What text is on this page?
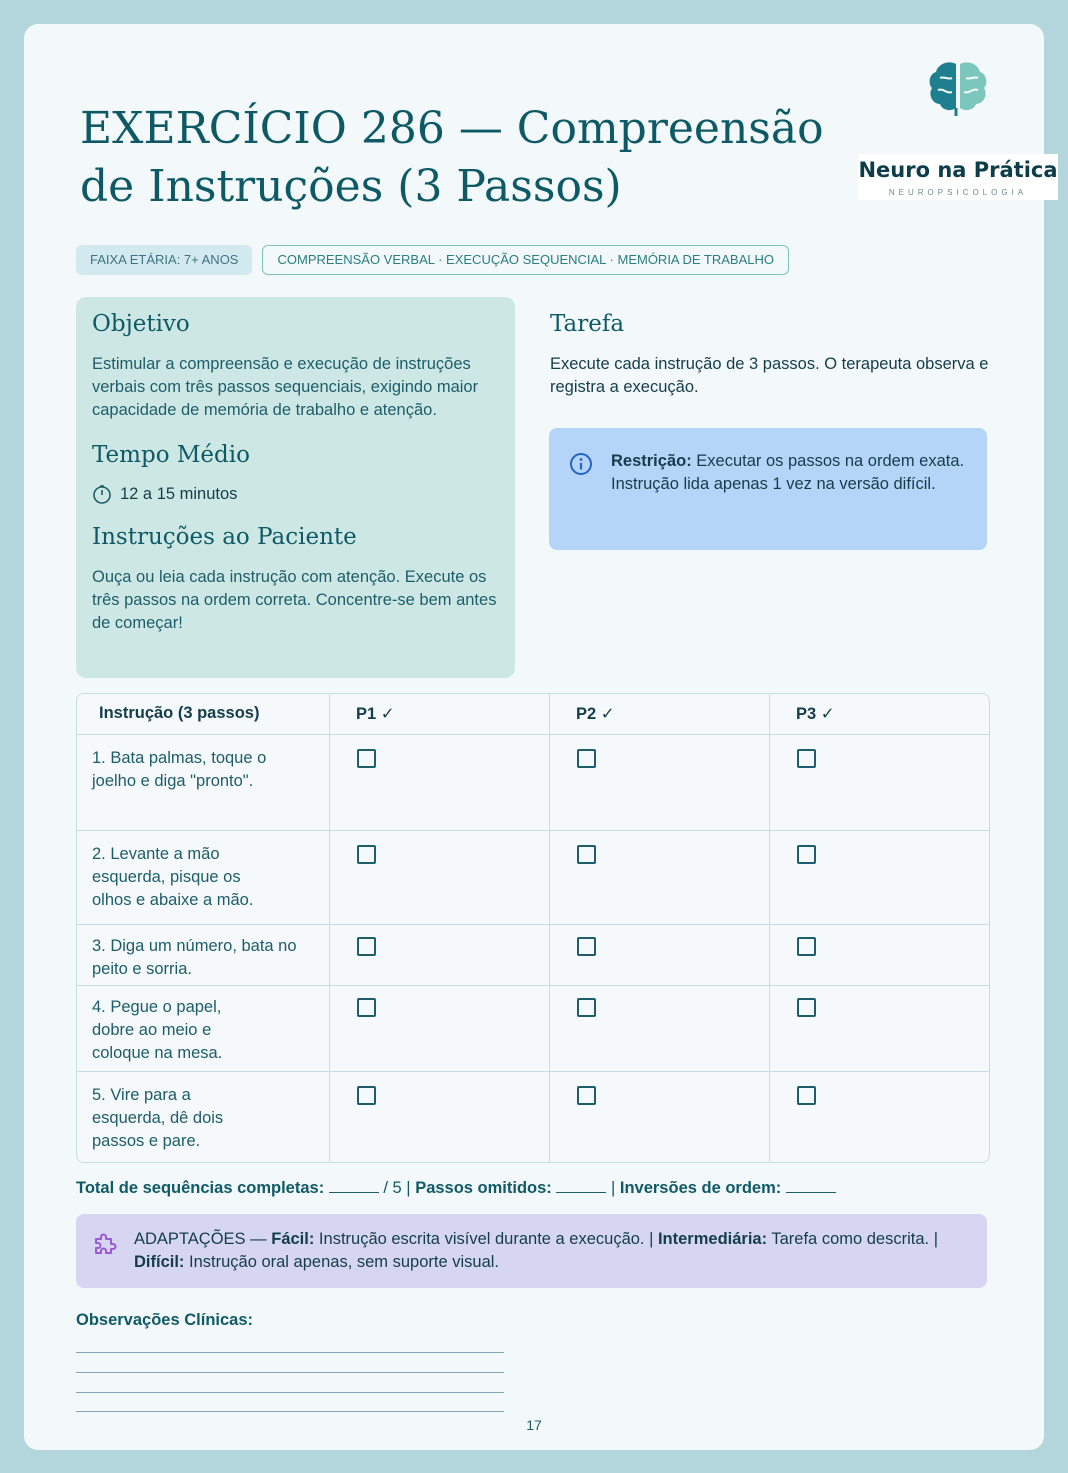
EXERCÍCIO 286 — Compreensão de Instruções (3 Passos)	Neuro na Prática
NEUROPSICOLOGIA
FAIXA ETÁRIA: 7+ ANOS	COMPREENSÃO VERBAL · EXECUÇÃO SEQUENCIAL · MEMÓRIA DE TRABALHO
Objetivo
Estimular a compreensão e execução de instruções verbais com três passos sequenciais, exigindo maior capacidade de memória de trabalho e atenção.
Tempo Médio
12 a 15 minutos
Instruções ao Paciente
Ouça ou leia cada instrução com atenção. Execute os três passos na ordem correta. Concentre-se bem antes de começar!
Tarefa
Execute cada instrução de 3 passos. O terapeuta observa e registra a execução.
Restrição: Executar os passos na ordem exata. Instrução lida apenas 1 vez na versão difícil.
Instrução (3 passos)	P1 ✓	P2 ✓	P3 ✓
1. Bata palmas, toque o joelho e diga "pronto".
2. Levante a mão esquerda, pisque os olhos e abaixe a mão.
3. Diga um número, bata no peito e sorria.
4. Pegue o papel, dobre ao meio e coloque na mesa.
5. Vire para a esquerda, dê dois passos e pare.
Total de sequências completas:	/ 5 | Passos omitidos:	| Inversões de ordem:
ADAPTAÇÕES — Fácil: Instrução escrita visível durante a execução. | Intermediária: Tarefa como descrita. | Difícil: Instrução oral apenas, sem suporte visual.
Observações Clínicas:
17
